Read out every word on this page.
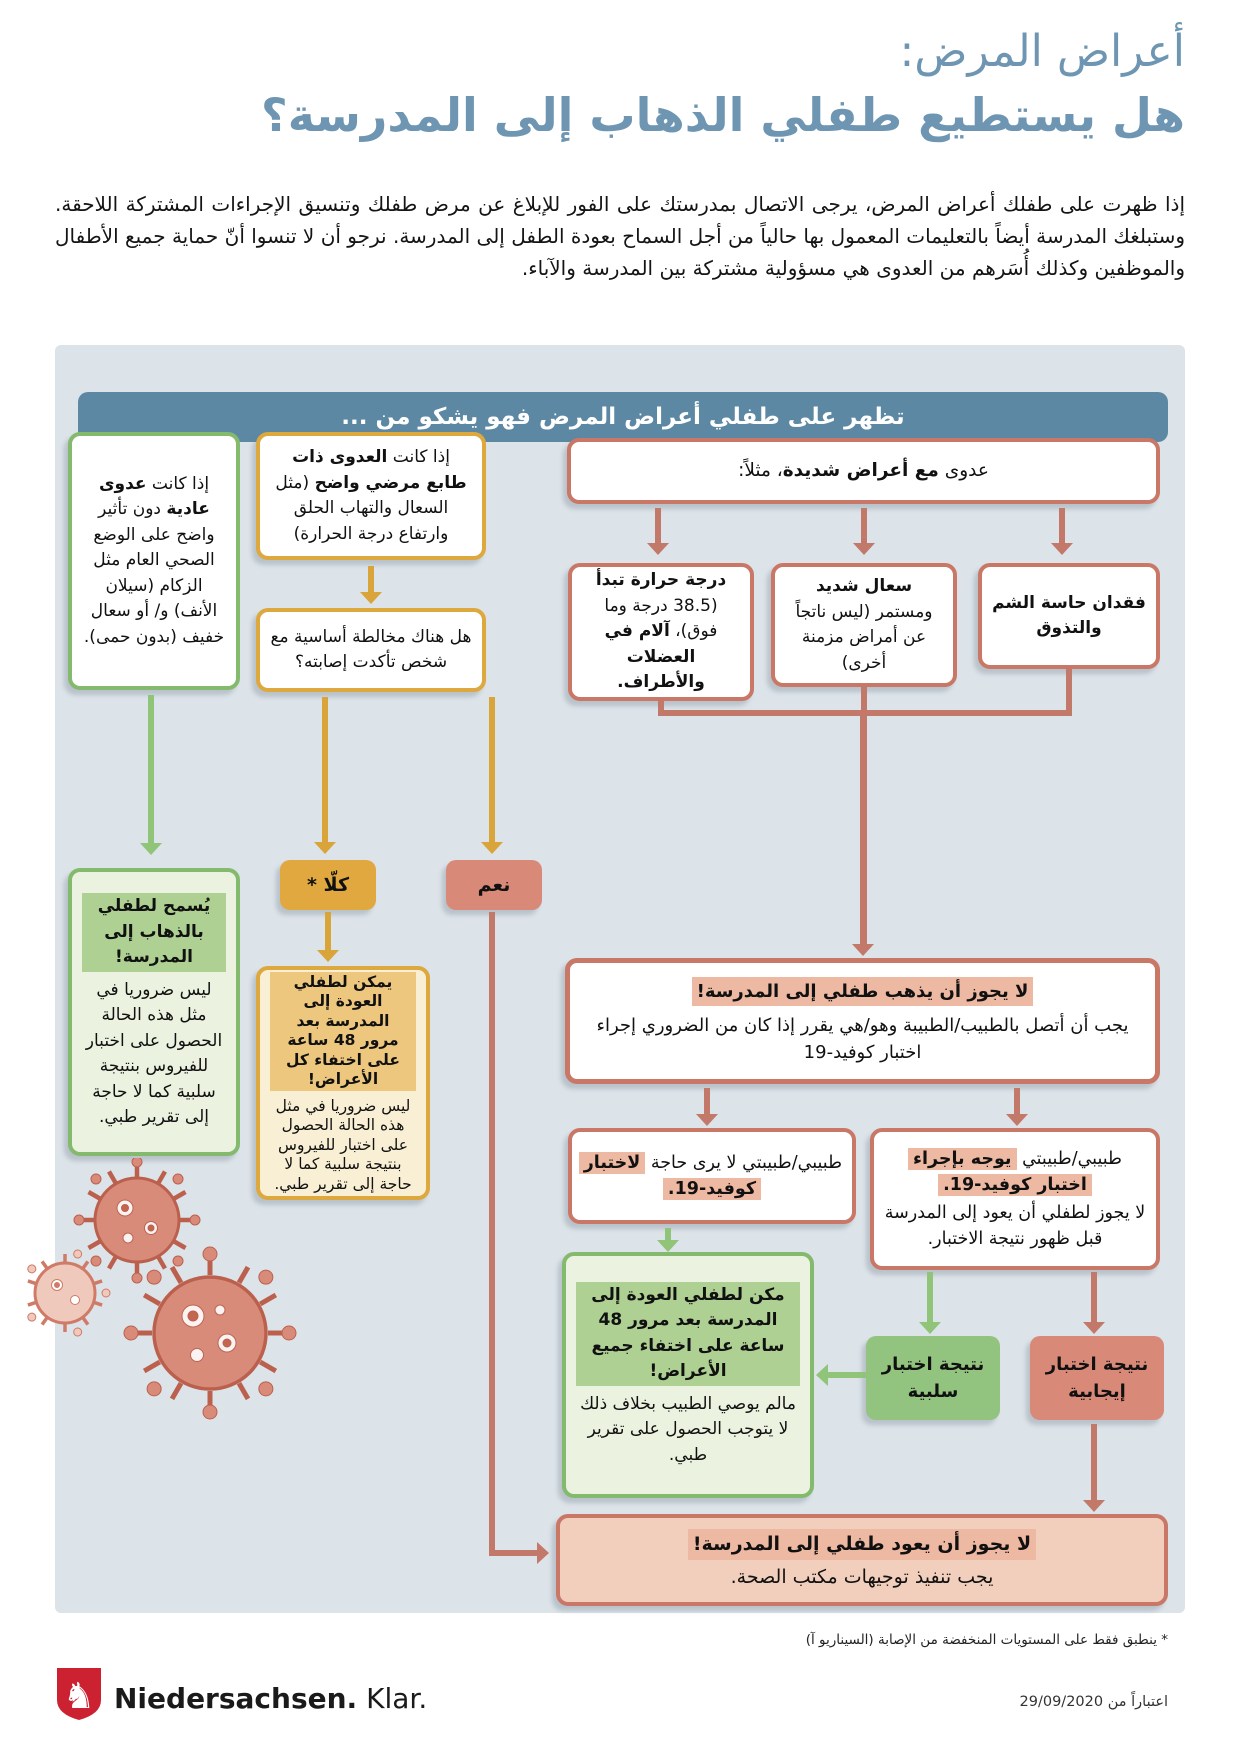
أعراض المرض:
هل يستطيع طفلي الذهاب إلى المدرسة؟
إذا ظهرت على طفلك أعراض المرض، يرجى الاتصال بمدرستك على الفور للإبلاغ عن مرض طفلك وتنسيق الإجراءات المشتركة اللاحقة. وستبلغك المدرسة أيضاً بالتعليمات المعمول بها حالياً من أجل السماح بعودة الطفل إلى المدرسة. نرجو أن لا تنسوا أنّ حماية جميع الأطفال والموظفين وكذلك أُسَرهم من العدوى هي مسؤولية مشتركة بين المدرسة والآباء.
تظهر على طفلي أعراض المرض فهو يشكو من ...
إذا كانت عدوى عادية دون تأثير واضح على الوضع الصحي العام مثل الزكام (سيلان الأنف) و/ أو سعال خفيف (بدون حمى).
يُسمح لطفلي بالذهاب إلى المدرسة!
ليس ضروريا في مثل هذه الحالة الحصول على اختبار للفيروس بنتيجة سلبية كما لا حاجة إلى تقرير طبي.
إذا كانت العدوى ذات طابع مرضي واضح (مثل السعال والتهاب الحلق وارتفاع درجة الحرارة)
هل هناك مخالطة أساسية مع شخص تأكدت إصابته؟
كلّا *	نعم
يمكن لطفلي العودة إلى المدرسة بعد مرور 48 ساعة على اختفاء كل الأعراض!
ليس ضروريا في مثل هذه الحالة الحصول على اختبار للفيروس بنتيجة سلبية كما لا حاجة إلى تقرير طبي.
عدوى مع أعراض شديدة، مثلاً:
درجة حرارة تبدأ (38.5 درجة وما فوق)، آلام في العضلات والأطراف.
سعال شديد ومستمر (ليس ناتجاً عن أمراض مزمنة أخرى)
فقدان حاسة الشم والتذوق
لا يجوز أن يذهب طفلي إلى المدرسة!
يجب أن أتصل بالطبيب/الطبيبة وهو/هي يقرر إذا كان من الضروري إجراء اختبار كوفيد-19
طبيبي/طبيبتي لا يرى حاجة لاختبار كوفيد-19.
طبيبي/طبيبتي يوجه بإجراء اختبار كوفيد-19.
لا يجوز لطفلي أن يعود إلى المدرسة قبل ظهور نتيجة الاختبار.
مكن لطفلي العودة إلى المدرسة بعد مرور 48 ساعة على اختفاء جميع الأعراض!
مالم يوصي الطبيب بخلاف ذلك لا يتوجب الحصول على تقرير طبي.
نتيجة اختبار سلبية
نتيجة اختبار إيجابية
لا يجوز أن يعود طفلي إلى المدرسة!
يجب تنفيذ توجيهات مكتب الصحة.
* ينطبق فقط على المستويات المنخفضة من الإصابة (السيناريو آ)
♞ Niedersachsen. Klar.	اعتباراً من 29/09/2020
